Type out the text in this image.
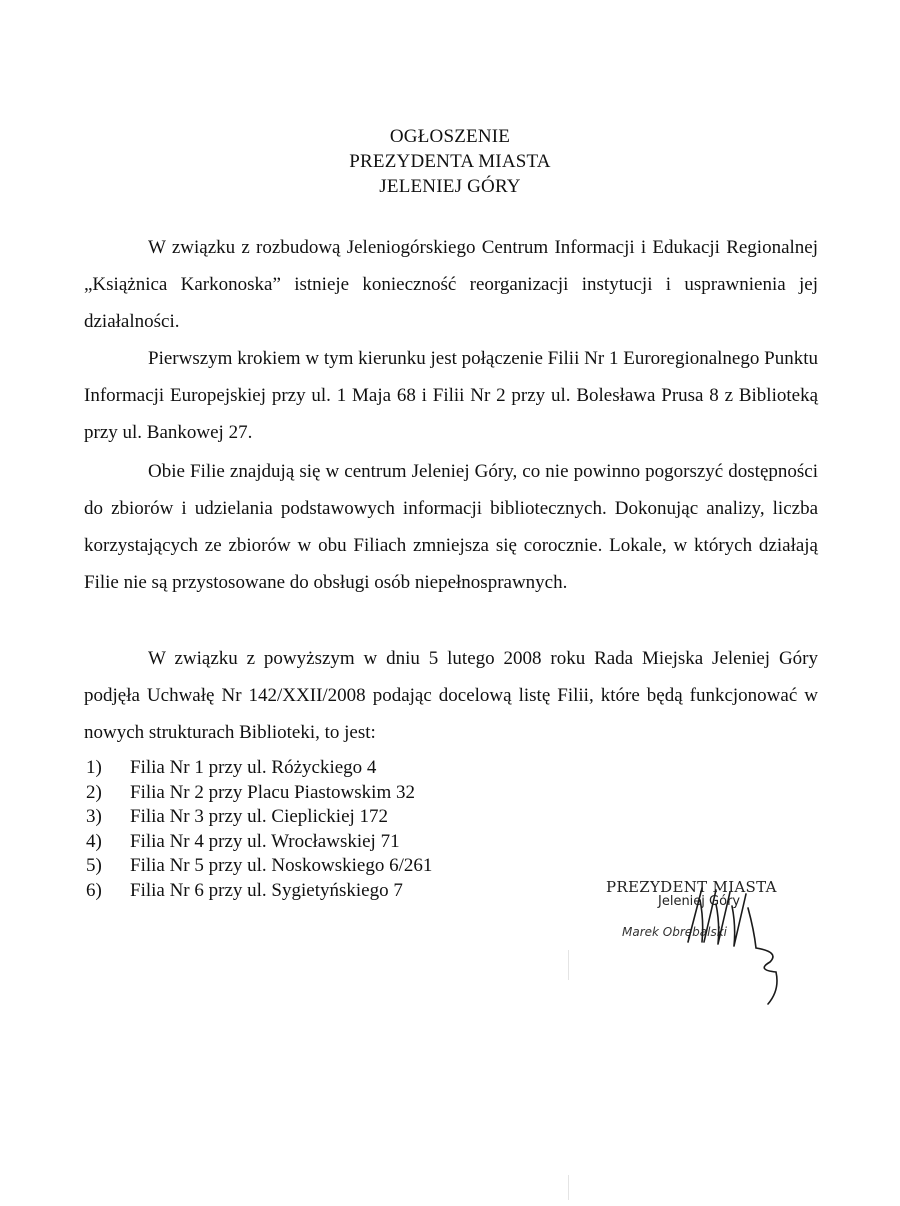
OGŁOSZENIE
PREZYDENTA MIASTA
JELENIEJ GÓRY

W związku z rozbudową Jeleniogórskiego Centrum Informacji i Edukacji Regionalnej „Książnica Karkonoska” istnieje konieczność reorganizacji instytucji i usprawnienia jej działalności.

Pierwszym krokiem w tym kierunku jest połączenie Filii Nr 1 Euroregionalnego Punktu Informacji Europejskiej przy ul. 1 Maja 68 i Filii Nr 2 przy ul. Bolesława Prusa 8 z Biblioteką przy ul. Bankowej 27.

Obie Filie znajdują się w centrum Jeleniej Góry, co nie powinno pogorszyć dostępności do zbiorów i udzielania podstawowych informacji bibliotecznych. Dokonując analizy, liczba korzystających ze zbiorów w obu Filiach zmniejsza się corocznie. Lokale, w których działają Filie nie są przystosowane do obsługi osób niepełnosprawnych.

W związku z powyższym w dniu 5 lutego 2008 roku Rada Miejska Jeleniej Góry podjęła Uchwałę Nr 142/XXII/2008 podając docelową listę Filii, które będą funkcjonować w nowych strukturach Biblioteki, to jest:

1)	Filia Nr 1 przy ul. Różyckiego 4
2)	Filia Nr 2 przy Placu Piastowskim 32
3)	Filia Nr 3 przy ul. Cieplickiej 172
4)	Filia Nr 4 przy ul. Wrocławskiej 71
5)	Filia Nr 5 przy ul. Noskowskiego 6/261
6)	Filia Nr 6 przy ul. Sygietyńskiego 7	PREZYDENT MIASTA
Jeleniej Góry
Marek Obrębalski
